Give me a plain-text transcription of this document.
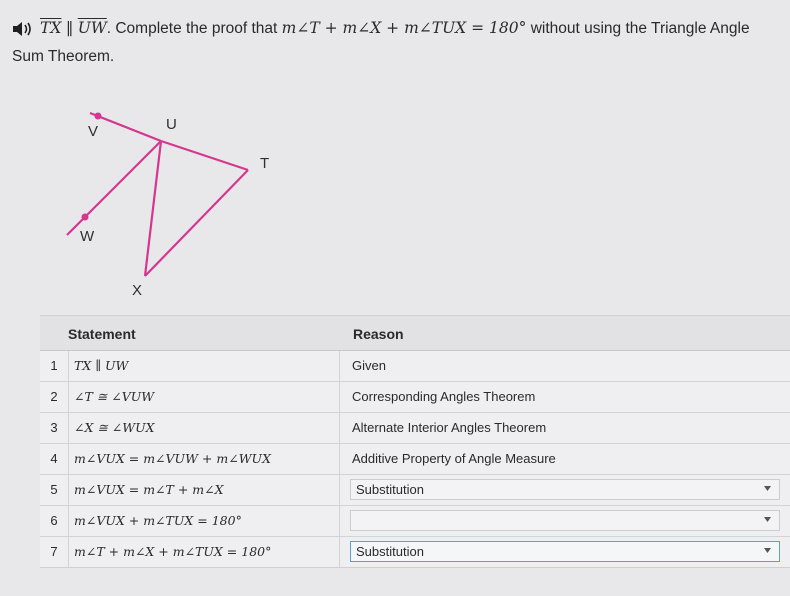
$\overline{TX}$ ∥ $\overline{UW}$. Complete the proof that m∠T + m∠X + m∠TUX = 180° without using the Triangle Angle Sum Theorem.
V	U
T
W
X
Statement	Reason
1	TX ∥ UW	Given
2	∠T ≅ ∠VUW	Corresponding Angles Theorem
3	∠X ≅ ∠WUX	Alternate Interior Angles Theorem
4	m∠VUX = m∠VUW + m∠WUX	Additive Property of Angle Measure
5	m∠VUX = m∠T + m∠X	Substitution
6	m∠VUX + m∠TUX = 180°
7	m∠T + m∠X + m∠TUX = 180°	Substitution
